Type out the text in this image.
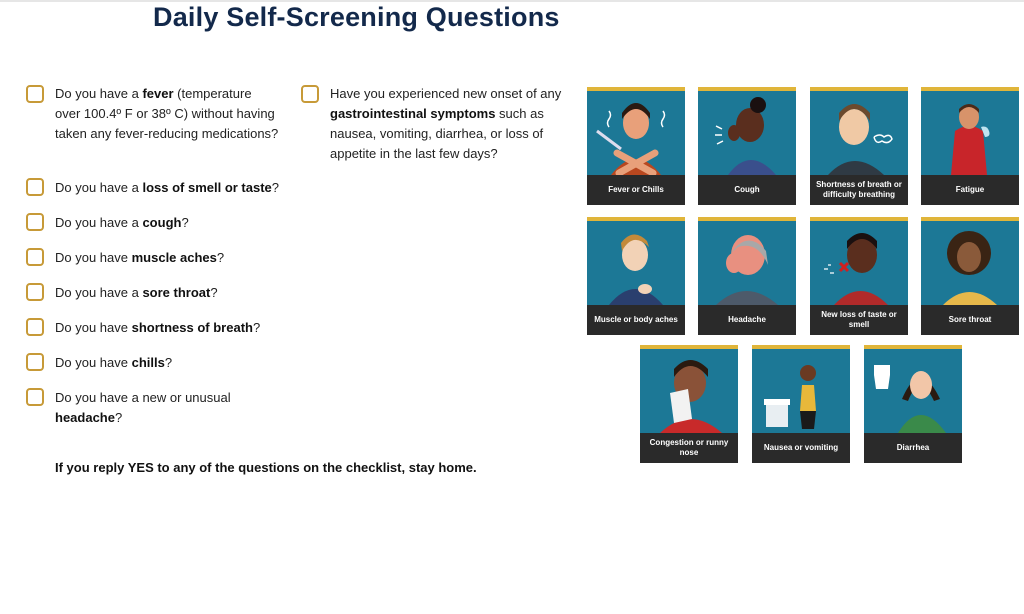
Daily Self-Screening Questions
Do you have a fever (temperature over 100.4º F or 38º C) without having taken any fever-reducing medications?
Do you have a loss of smell or taste?
Do you have a cough?
Do you have muscle aches?
Do you have a sore throat?
Do you have shortness of breath?
Do you have chills?
Do you have a new or unusual headache?
Have you experienced new onset of any gastrointestinal symptoms such as nausea, vomiting, diarrhea, or loss of appetite in the last few days?
If you reply YES to any of the questions on the checklist, stay home.
Fever or Chills	Cough
Shortness of breath or difficulty breathing
Fatigue
Muscle or body aches	Headache
New loss of taste or smell
Sore throat
Congestion or runny nose
Nausea or vomiting	Diarrhea
